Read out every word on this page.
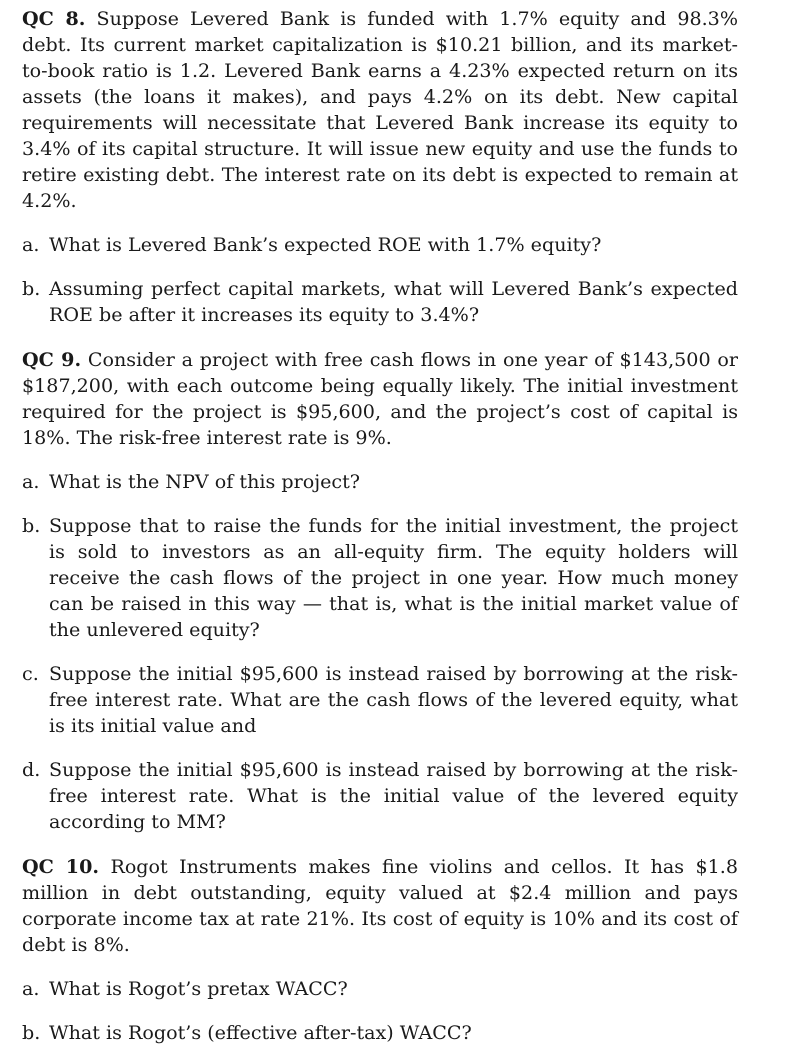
QC 8. Suppose Levered Bank is funded with 1.7% equity and 98.3% debt. Its current market capitalization is $10.21 billion, and its market-to-book ratio is 1.2. Levered Bank earns a 4.23% expected return on its assets (the loans it makes), and pays 4.2% on its debt. New capital requirements will necessitate that Levered Bank increase its equity to 3.4% of its capital structure. It will issue new equity and use the funds to retire existing debt. The interest rate on its debt is expected to remain at 4.2%.

a. What is Levered Bank’s expected ROE with 1.7% equity?

b. Assuming perfect capital markets, what will Levered Bank’s expected ROE be after it increases its equity to 3.4%?

QC 9. Consider a project with free cash flows in one year of $143,500 or $187,200, with each outcome being equally likely. The initial investment required for the project is $95,600, and the project’s cost of capital is 18%. The risk-free interest rate is 9%.

a. What is the NPV of this project?

b. Suppose that to raise the funds for the initial investment, the project is sold to investors as an all-equity firm. The equity holders will receive the cash flows of the project in one year. How much money can be raised in this way — that is, what is the initial market value of the unlevered equity?

c. Suppose the initial $95,600 is instead raised by borrowing at the risk-free interest rate. What are the cash flows of the levered equity, what is its initial value and

d. Suppose the initial $95,600 is instead raised by borrowing at the risk-free interest rate. What is the initial value of the levered equity according to MM?

QC 10. Rogot Instruments makes fine violins and cellos. It has $1.8 million in debt outstanding, equity valued at $2.4 million and pays corporate income tax at rate 21%. Its cost of equity is 10% and its cost of debt is 8%.

a. What is Rogot’s pretax WACC?

b. What is Rogot’s (effective after-tax) WACC?
